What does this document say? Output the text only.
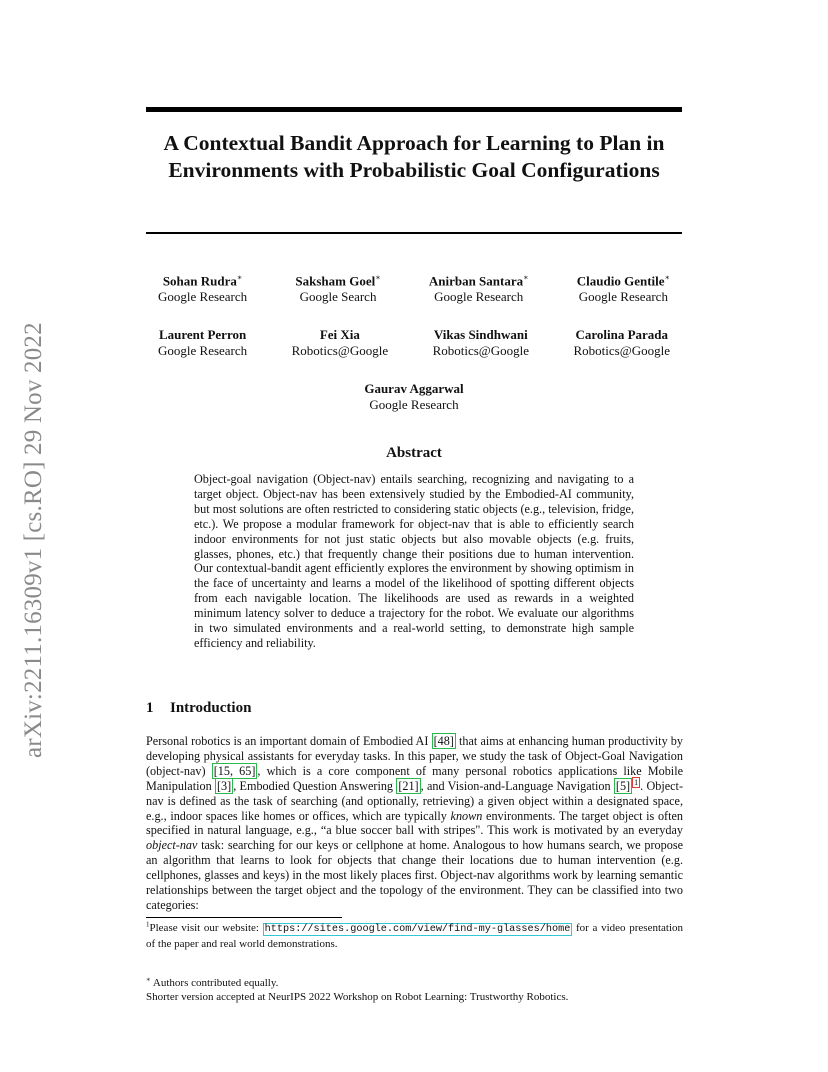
arXiv:2211.16309v1 [cs.RO] 29 Nov 2022
A Contextual Bandit Approach for Learning to Plan in Environments with Probabilistic Goal Configurations
Sohan Rudra∗
Google Research
Saksham Goel∗
Google Search
Anirban Santara∗
Google Research
Claudio Gentile∗
Google Research
Laurent Perron
Google Research
Fei Xia
Robotics@Google
Vikas Sindhwani
Robotics@Google
Carolina Parada
Robotics@Google
Gaurav Aggarwal
Google Research
Abstract

Object-goal navigation (Object-nav) entails searching, recognizing and navigating to a target object. Object-nav has been extensively studied by the Embodied-AI community, but most solutions are often restricted to considering static objects (e.g., television, fridge, etc.). We propose a modular framework for object-nav that is able to efficiently search indoor environments for not just static objects but also movable objects (e.g. fruits, glasses, phones, etc.) that frequently change their positions due to human intervention. Our contextual-bandit agent efficiently explores the environment by showing optimism in the face of uncertainty and learns a model of the likelihood of spotting different objects from each navigable location. The likelihoods are used as rewards in a weighted minimum latency solver to deduce a trajectory for the robot. We evaluate our algorithms in two simulated environments and a real-world setting, to demonstrate high sample efficiency and reliability.

1 Introduction

Personal robotics is an important domain of Embodied AI [48] that aims at enhancing human productivity by developing physical assistants for everyday tasks. In this paper, we study the task of Object-Goal Navigation (object-nav) [15, 65] , which is a core component of many personal robotics applications like Mobile Manipulation [3] , Embodied Question Answering [21] , and Vision-and-Language Navigation [5] $^1$ . Object-nav is defined as the task of searching (and optionally, retrieving) a given object within a designated space, e.g., indoor spaces like homes or offices, which are typically known environments. The target object is often specified in natural language, e.g., “a blue soccer ball with stripes". This work is motivated by an everyday object-nav task: searching for our keys or cellphone at home. Analogous to how humans search, we propose an algorithm that learns to look for objects that change their locations due to human intervention (e.g. cellphones, glasses and keys) in the most likely places first. Object-nav algorithms work by learning semantic relationships between the target object and the topology of the environment. They can be classified into two categories:

$^1$Please visit our website: https://sites.google.com/view/find-my-glasses/home for a video presentation of the paper and real world demonstrations.

∗ Authors contributed equally.
Shorter version accepted at NeurIPS 2022 Workshop on Robot Learning: Trustworthy Robotics.
